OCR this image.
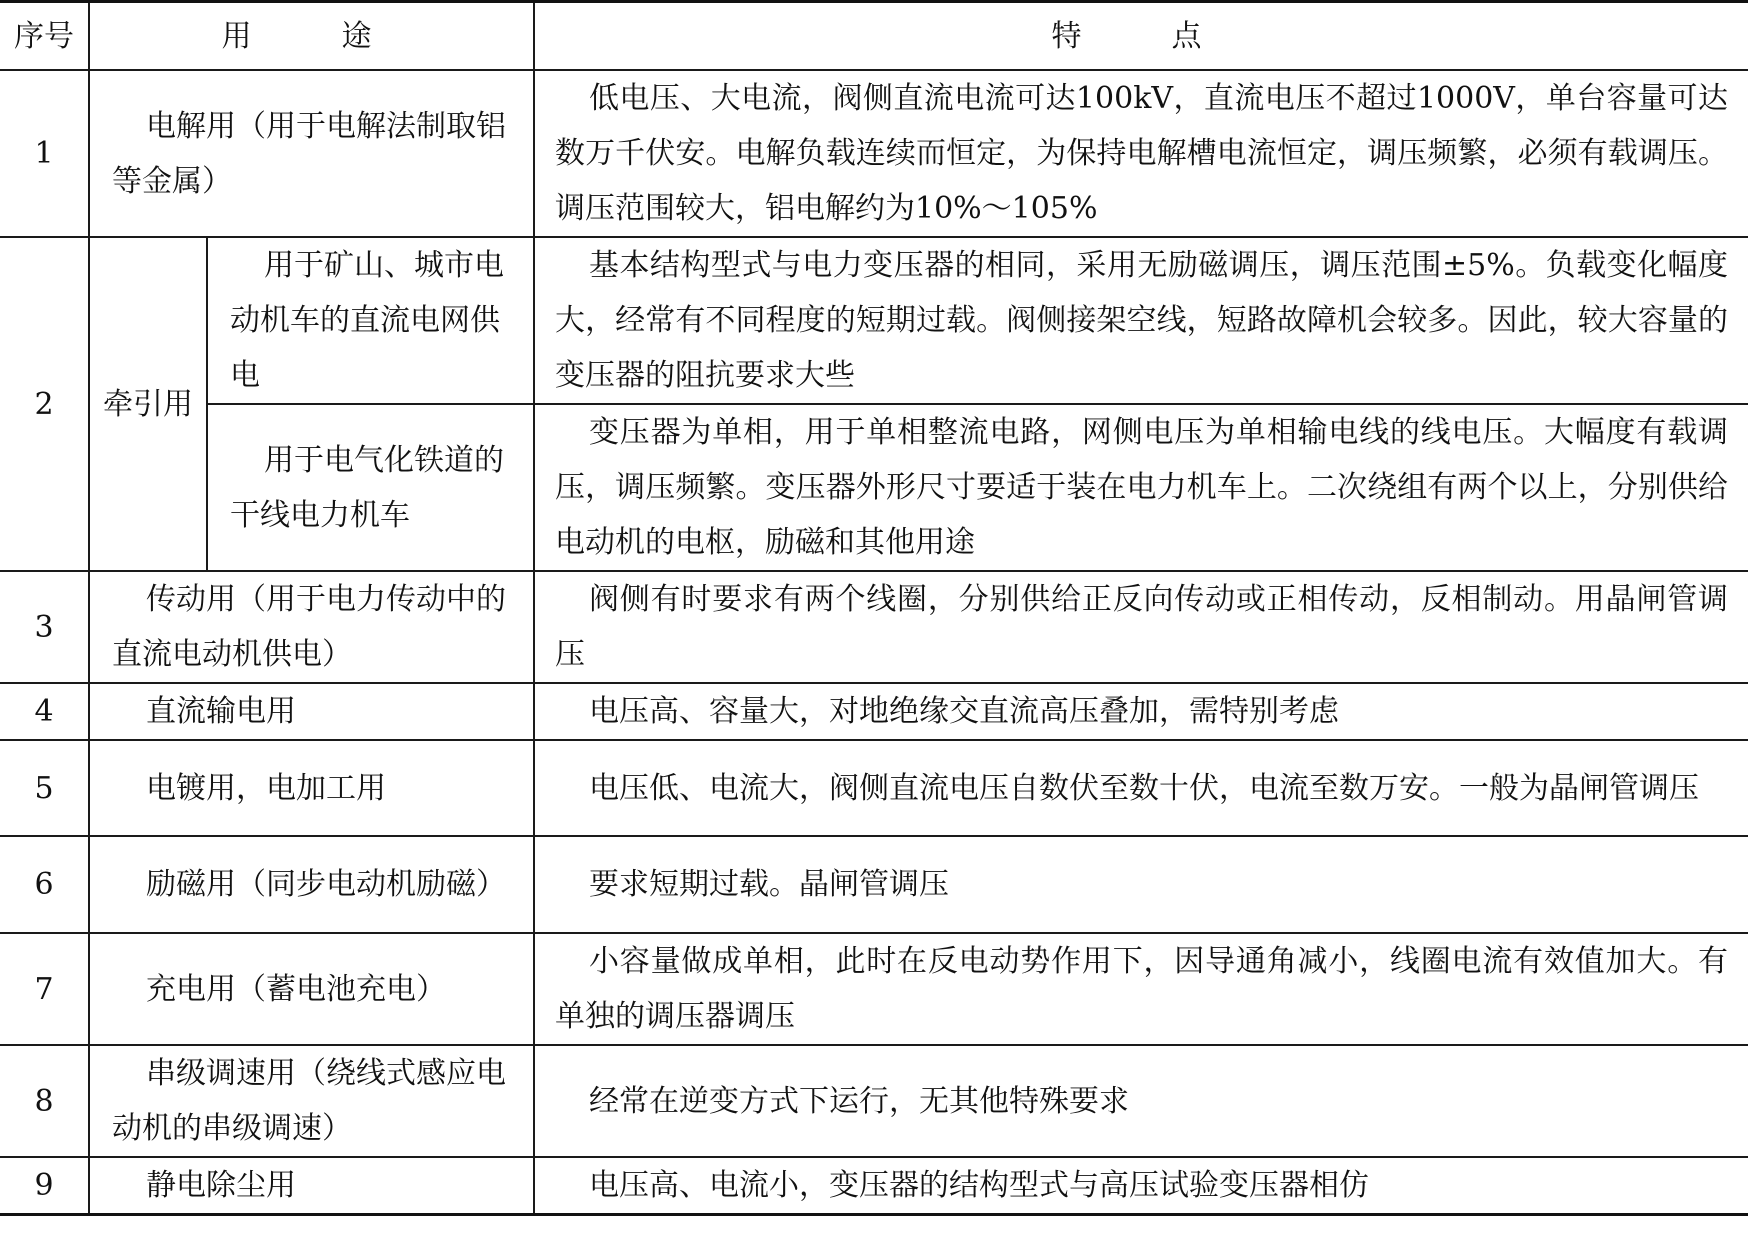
序号	用　途		特　点
1	电解用（用于电解法制取铝等金属）		低电压、大电流，阀侧直流电流可达100kV，直流电压不超过1000V，单台容量可达数万千伏安。电解负载连续而恒定，为保持电解槽电流恒定，调压频繁，必须有载调压。调压范围较大，铝电解约为10%～105%
2	牵引用	用于矿山、城市电动机车的直流电网供电	基本结构型式与电力变压器的相同，采用无励磁调压，调压范围±5%。负载变化幅度大，经常有不同程度的短期过载。阀侧接架空线，短路故障机会较多。因此，较大容量的变压器的阻抗要求大些
		用于电气化铁道的干线电力机车	变压器为单相，用于单相整流电路，网侧电压为单相输电线的线电压。大幅度有载调压，调压频繁。变压器外形尺寸要适于装在电力机车上。二次绕组有两个以上，分别供给电动机的电枢，励磁和其他用途
3	传动用（用于电力传动中的直流电动机供电）		阀侧有时要求有两个线圈，分别供给正反向传动或正相传动，反相制动。用晶闸管调压
4	直流输电用		电压高、容量大，对地绝缘交直流高压叠加，需特别考虑
5	电镀用，电加工用		电压低、电流大，阀侧直流电压自数伏至数十伏，电流至数万安。一般为晶闸管调压
6	励磁用（同步电动机励磁）		要求短期过载。晶闸管调压
7	充电用（蓄电池充电）		小容量做成单相，此时在反电动势作用下，因导通角减小，线圈电流有效值加大。有单独的调压器调压
8	串级调速用（绕线式感应电动机的串级调速）		经常在逆变方式下运行，无其他特殊要求
9	静电除尘用		电压高、电流小，变压器的结构型式与高压试验变压器相仿
